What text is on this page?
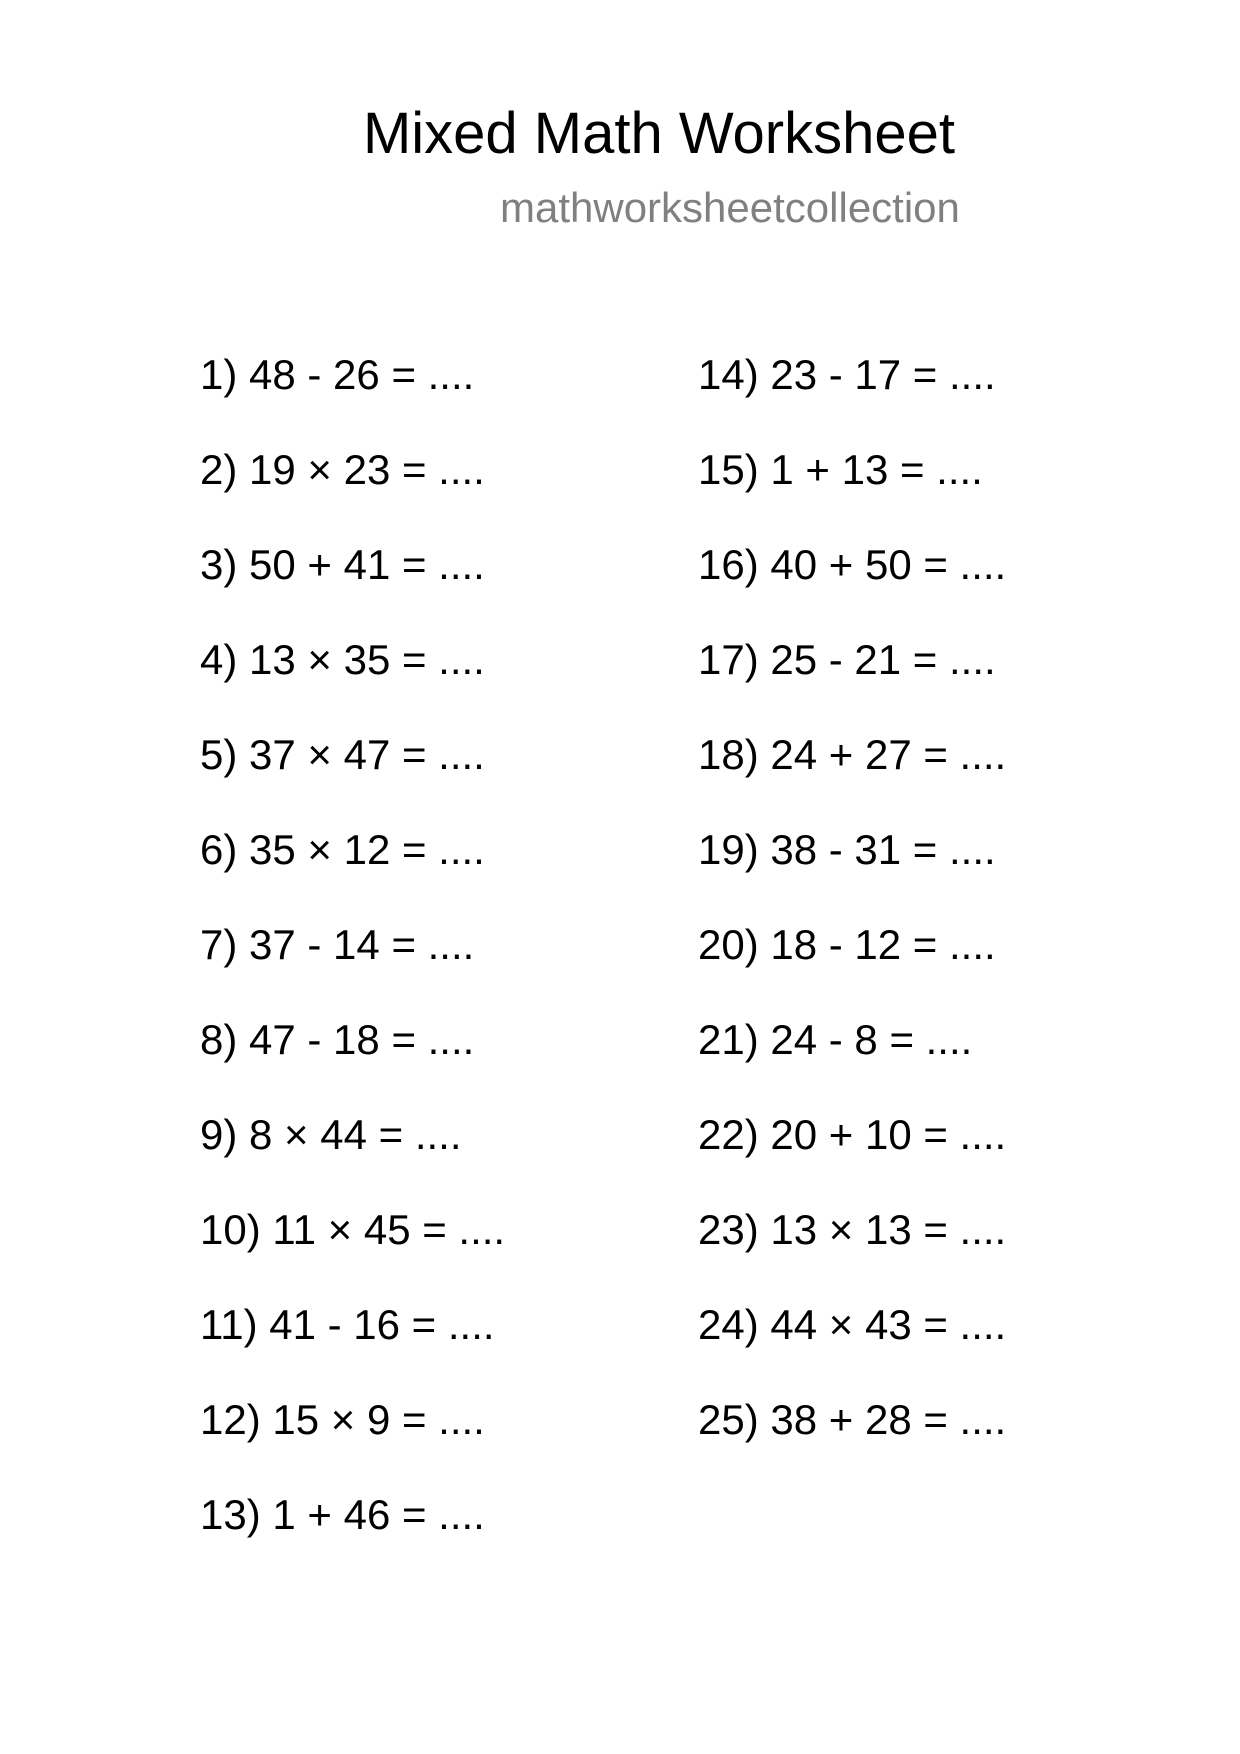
Mixed Math Worksheet
mathworksheetcollection
1) 48 - 26 = ....
2) 19 × 23 = ....
3) 50 + 41 = ....
4) 13 × 35 = ....
5) 37 × 47 = ....
6) 35 × 12 = ....
7) 37 - 14 = ....
8) 47 - 18 = ....
9) 8 × 44 = ....
10) 11 × 45 = ....
11) 41 - 16 = ....
12) 15 × 9 = ....
13) 1 + 46 = ....
14) 23 - 17 = ....
15) 1 + 13 = ....
16) 40 + 50 = ....
17) 25 - 21 = ....
18) 24 + 27 = ....
19) 38 - 31 = ....
20) 18 - 12 = ....
21) 24 - 8 = ....
22) 20 + 10 = ....
23) 13 × 13 = ....
24) 44 × 43 = ....
25) 38 + 28 = ....
